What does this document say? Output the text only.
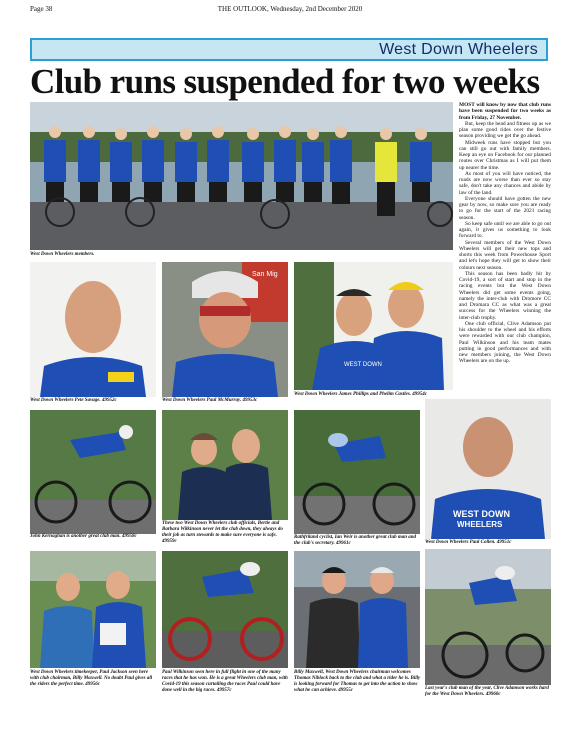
Page 38	THE OUTLOOK, Wednesday, 2nd December 2020
West Down Wheelers
Club runs suspended for two weeks
West Down Wheelers members.
West Down Wheelers Pete Savage. 49952c
San Mig
West Down Wheelers Paul McMurray. 49953c
WEST DOWN
West Down Wheelers James Phillips and Phelim Castles. 49954c
John Kernaghan is another great club man. 49958c
These two West Down Wheelers club officials, Bertie and Barbara Wilkinson never let the club down, they always do their job as turn stewards to make sure everyone is safe. 49959c
Rathfriland cyclist, Ian Weir is another great club man and the club's secretary. 49961c
WEST DOWN
WHEELERS
West Down Wheelers Paul Collen. 49951c
West Down Wheelers timekeeper, Paul Jackson seen here with club chairman, Billy Maxwell. No doubt Paul gives all the riders the perfect time. 49956c
Paul Wilkinson seen here in full flight in one of the many races that he has won. He is a great Wheelers club man, with Covid-19 this season curtailing the races Paul could have done well in the big races. 49957c
Billy Maxwell, West Down Wheelers chairman welcomes Thomas Niblock back to the club and what a rider he is. Billy is looking forward for Thomas to get into the action to show what he can achieve. 49955c	Last year's club man of the year, Clive Adamson works hard for the West Down Wheelers. 49960c

MOST will know by now that club runs have been suspended for two weeks as from Friday, 27 November.

But, keep the head and fitness up as we plan some good rides over the festive season providing we get the go ahead.

Midweek runs have stopped but you can still go out with family members. Keep an eye on Facebook for our planned routes over Christmas as I will put them up nearer the time.

As most of you will have noticed, the roads are now worse than ever so stay safe, don't take any chances and abide by law of the land.

Everyone should have gotten the new gear by now, so make sure you are ready to go for the start of the 2021 racing season.

So keep safe until we are able to go out again, it gives us something to look forward to.

Several members of the West Down Wheelers will get their new tops and shorts this week from Powerhouse Sport and let's hope they will get to show their colours next season.

This season has been badly hit by Covid-19, a sort of start and stop in the racing events but the West Down Wheelers did get some events going, namely the inter-club with Dromore CC and Dromara CC as what was a great success for the Wheelers winning the inter-club trophy.

One club official, Clive Adamson put his shoulder to the wheel and his efforts were rewarded with our club champion, Paul Wilkinson and his team mates putting in good performances and with new members joining, the West Down Wheelers are on the up.
